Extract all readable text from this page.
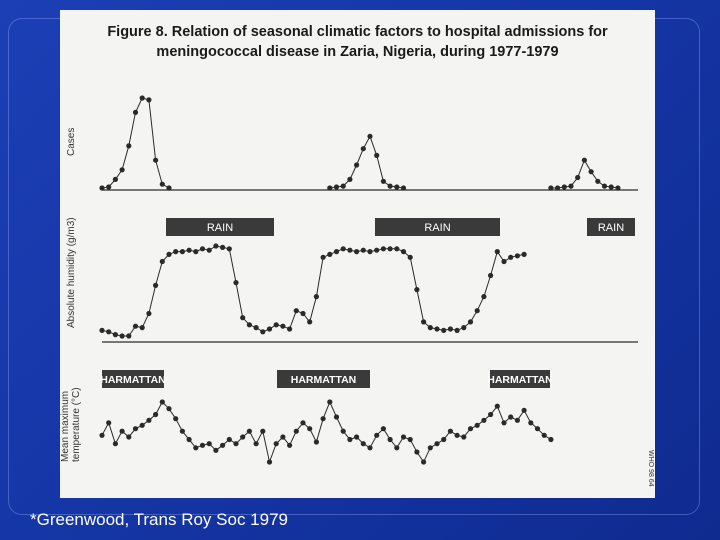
Figure 8. Relation of seasonal climatic factors to hospital admissions for
meningococcal disease in Zaria, Nigeria, during 1977-1979
WHO 98 64
Cases
Absolute humidity (g/m3)	RAIN	RAIN	RAIN
Mean maximumtemperature (°C)
HARMATTAN	HARMATTAN	HARMATTAN
*Greenwood, Trans Roy Soc 1979
